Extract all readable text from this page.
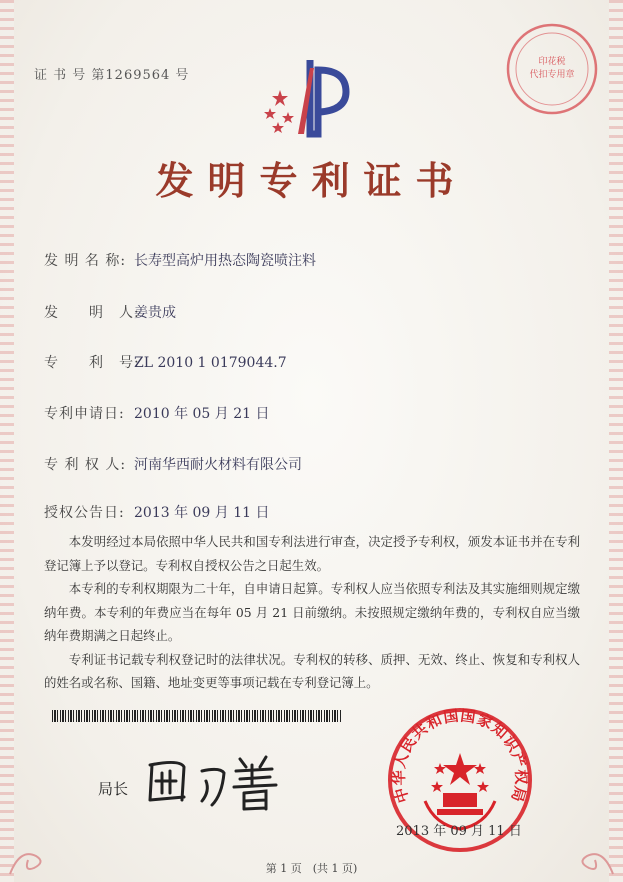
证 书 号 第1269564 号
印花税
代扣专用章
发明专利证书
发 明 名 称: 长寿型高炉用热态陶瓷喷注料
发　　明　人:姜贵成
专　　利　号:ZL 2010 1 0179044.7
专利申请日: 2010 年 05 月 21 日
专 利 权 人: 河南华西耐火材料有限公司
授权公告日: 2013 年 09 月 11 日

本发明经过本局依照中华人民共和国专利法进行审查，决定授予专利权，颁发本证书并在专利登记簿上予以登记。专利权自授权公告之日起生效。

本专利的专利权期限为二十年，自申请日起算。专利权人应当依照专利法及其实施细则规定缴纳年费。本专利的年费应当在每年 05 月 21 日前缴纳。未按照规定缴纳年费的，专利权自应当缴纳年费期满之日起终止。

专利证书记载专利权登记时的法律状况。专利权的转移、质押、无效、终止、恢复和专利权人的姓名或名称、国籍、地址变更等事项记载在专利登记簿上。

局长	中华人民共和国国家知识产权局
2013 年 09 月 11 日
第 1 页　(共 1 页)
